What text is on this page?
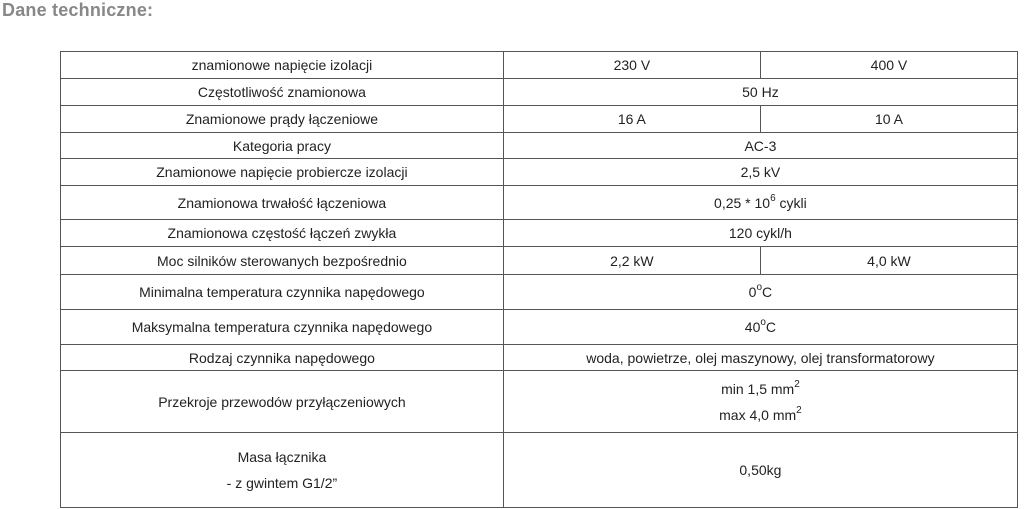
Dane techniczne:
znamionowe napięcie izolacji	230 V	400 V
Częstotliwość znamionowa	50 Hz	
Znamionowe prądy łączeniowe	16 A	10 A
Kategoria pracy	AC-3	
Znamionowe napięcie probiercze izolacji	2,5 kV	
Znamionowa trwałość łączeniowa	$0,25 * 10^6$ cykli	
Znamionowa częstość łączeń zwykła	120 cykl/h	
Moc silników sterowanych bezpośrednio	2,2 kW	4,0 kW
Minimalna temperatura czynnika napędowego	0$^o$C	
Maksymalna temperatura czynnika napędowego	40$^o$C	
Rodzaj czynnika napędowego	woda, powietrze, olej maszynowy, olej transformatorowy	
Przekroje przewodów przyłączeniowych	min 1,5 $mm^2$
max 4,0 $mm^2$

Masa łącznika
- z gwintem G1/2”	0,50kg	
